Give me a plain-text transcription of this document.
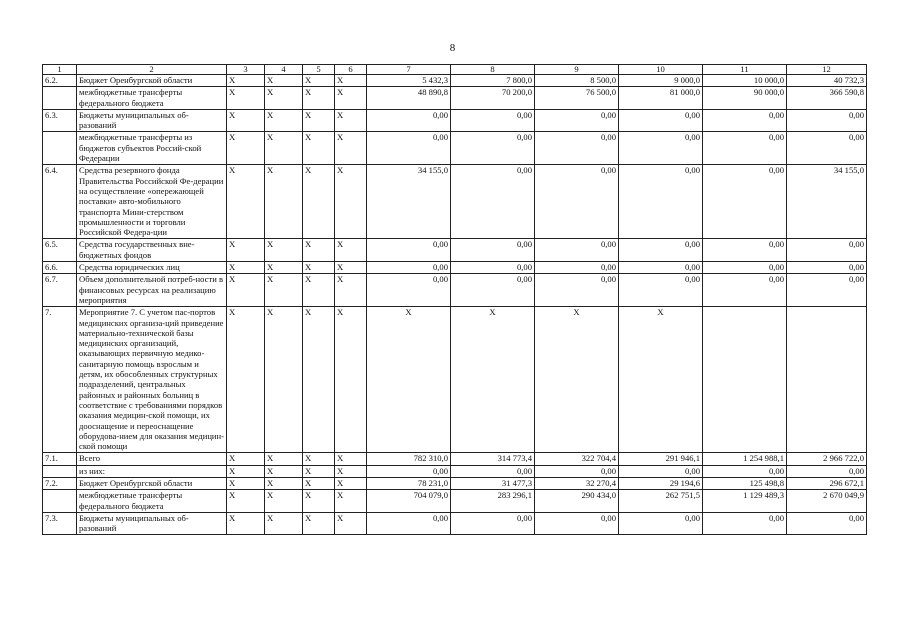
8
1	2	3	4	5	6	7	8	9	10	11	12
6.2.	Бюджет Оренбургской области	X	X	X	X	5 432,3	7 800,0	8 500,0	9 000,0	10 000,0	40 732,3
	межбюджетные трансферты федерального бюджета	X	X	X	X	48 890,8	70 200,0	76 500,0	81 000,0	90 000,0	366 590,8
6.3.	Бюджеты муниципальных об-разований	X	X	X	X	0,00	0,00	0,00	0,00	0,00	0,00
	межбюджетные трансферты из бюджетов субъектов Россий-ской Федерации	X	X	X	X	0,00	0,00	0,00	0,00	0,00	0,00
6.4.	Средства резервного фонда Правительства Российской Фе-дерации на осуществление «опережающей поставки» авто-мобильного транспорта Мини-стерством промышленности и торговли Российской Федера-ции	X	X	X	X	34 155,0	0,00	0,00	0,00	0,00	34 155,0
6.5.	Средства государственных вне-бюджетных фондов	X	X	X	X	0,00	0,00	0,00	0,00	0,00	0,00
6.6.	Средства юридических лиц	X	X	X	X	0,00	0,00	0,00	0,00	0,00	0,00
6.7.	Объем дополнительной потреб-ности в финансовых ресурсах на реализацию мероприятия	X	X	X	X	0,00	0,00	0,00	0,00	0,00	0,00
7.	Мероприятие 7. С учетом пас-портов медицинских организа-ций приведение материально-технической базы медицинских организаций, оказывающих первичную медико-санитарную помощь взрослым и детям, их обособленных структурных подразделений, центральных районных и районных больниц в соответствие с требованиями порядков оказания медицин-ской помощи, их дооснащение и переоснащение оборудова-нием для оказания медицин-ской помощи	X	X	X	X	X	X	X	X		
7.1.	Всего	X	X	X	X	782 310,0	314 773,4	322 704,4	291 946,1	1 254 988,1	2 966 722,0
	из них:	X	X	X	X	0,00	0,00	0,00	0,00	0,00	0,00
7.2.	Бюджет Оренбургской области	X	X	X	X	78 231,0	31 477,3	32 270,4	29 194,6	125 498,8	296 672,1
	межбюджетные трансферты федерального бюджета	X	X	X	X	704 079,0	283 296,1	290 434,0	262 751,5	1 129 489,3	2 670 049,9
7.3.	Бюджеты муниципальных об-разований	X	X	X	X	0,00	0,00	0,00	0,00	0,00	0,00
